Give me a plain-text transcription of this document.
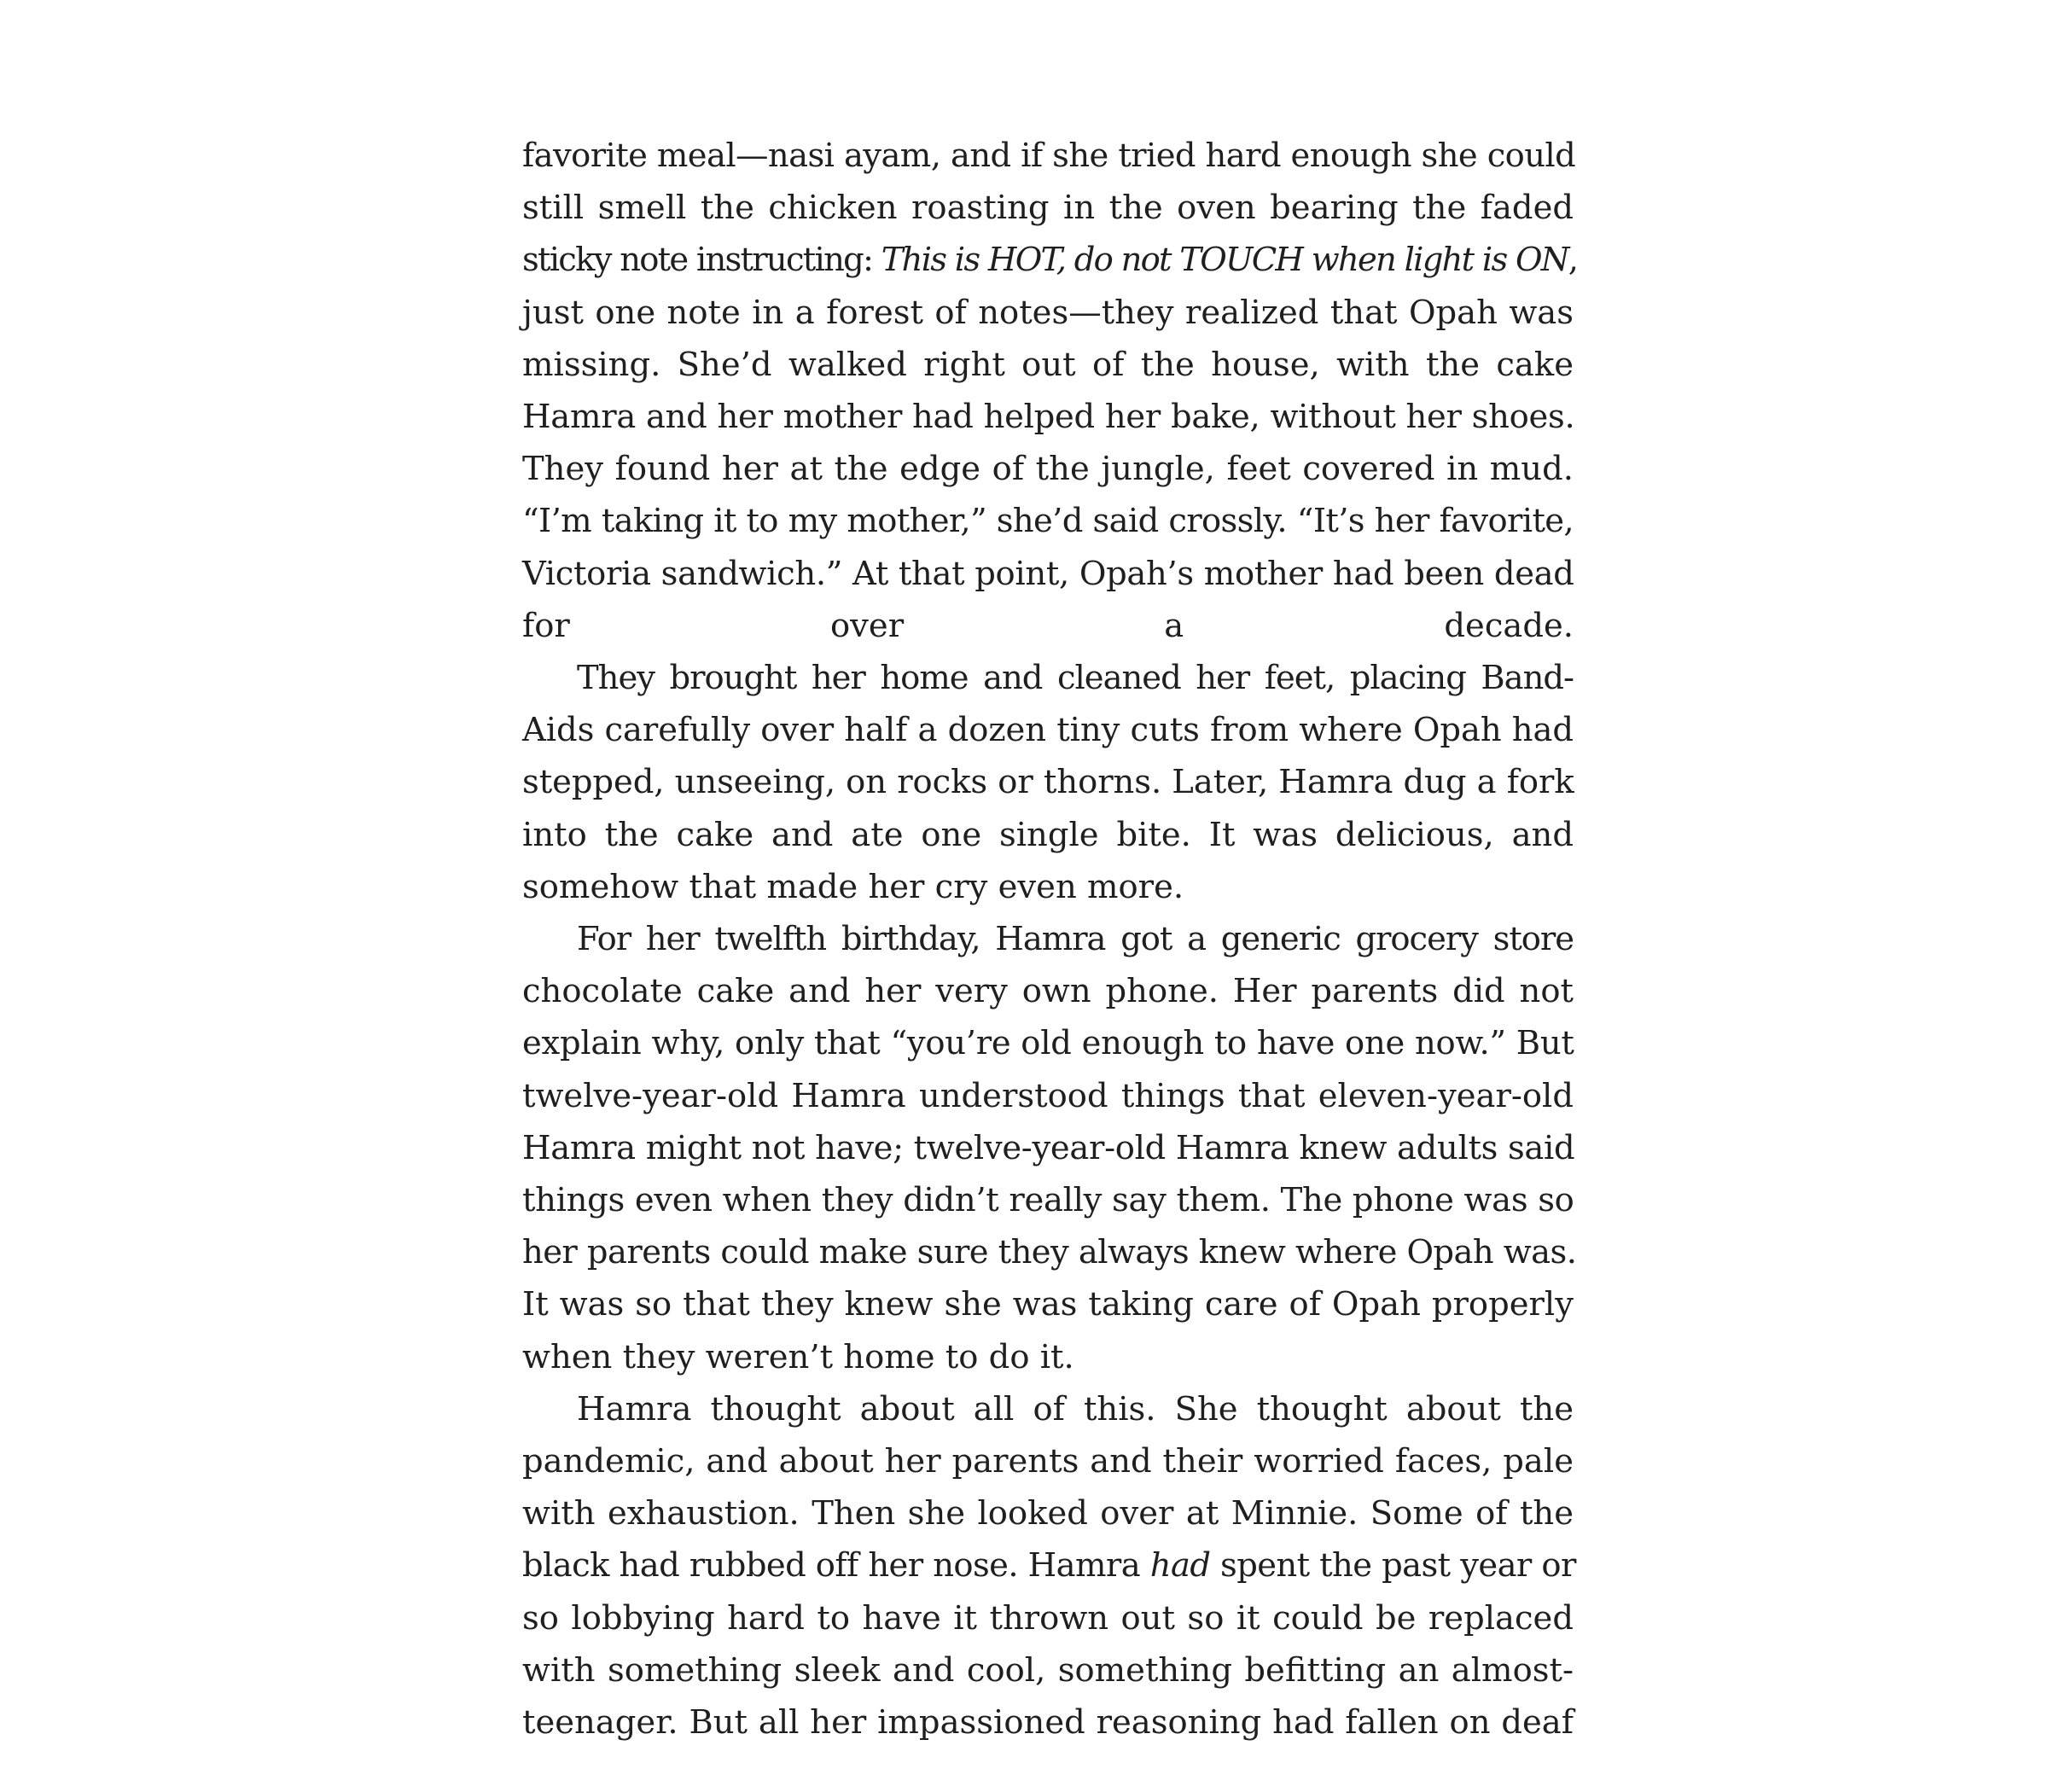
favorite meal—nasi ayam, and if she tried hard enough she could
still smell the chicken roasting in the oven bearing the faded
sticky note instructing: This is HOT, do not TOUCH when light is ON,
just one note in a forest of notes—they realized that Opah was
missing. She’d walked right out of the house, with the cake
Hamra and her mother had helped her bake, without her shoes.
They found her at the edge of the jungle, feet covered in mud.
“I’m taking it to my mother,” she’d said crossly. “It’s her favorite,
Victoria sandwich.” At that point, Opah’s mother had been dead
for over a decade.
They brought her home and cleaned her feet, placing Band-
Aids carefully over half a dozen tiny cuts from where Opah had
stepped, unseeing, on rocks or thorns. Later, Hamra dug a fork
into the cake and ate one single bite. It was delicious, and
somehow that made her cry even more.
For her twelfth birthday, Hamra got a generic grocery store
chocolate cake and her very own phone. Her parents did not
explain why, only that “you’re old enough to have one now.” But
twelve-year-old Hamra understood things that eleven-year-old
Hamra might not have; twelve-year-old Hamra knew adults said
things even when they didn’t really say them. The phone was so
her parents could make sure they always knew where Opah was.
It was so that they knew she was taking care of Opah properly
when they weren’t home to do it.
Hamra thought about all of this. She thought about the
pandemic, and about her parents and their worried faces, pale
with exhaustion. Then she looked over at Minnie. Some of the
black had rubbed off her nose. Hamra had spent the past year or
so lobbying hard to have it thrown out so it could be replaced
with something sleek and cool, something befitting an almost-
teenager. But all her impassioned reasoning had fallen on deaf
